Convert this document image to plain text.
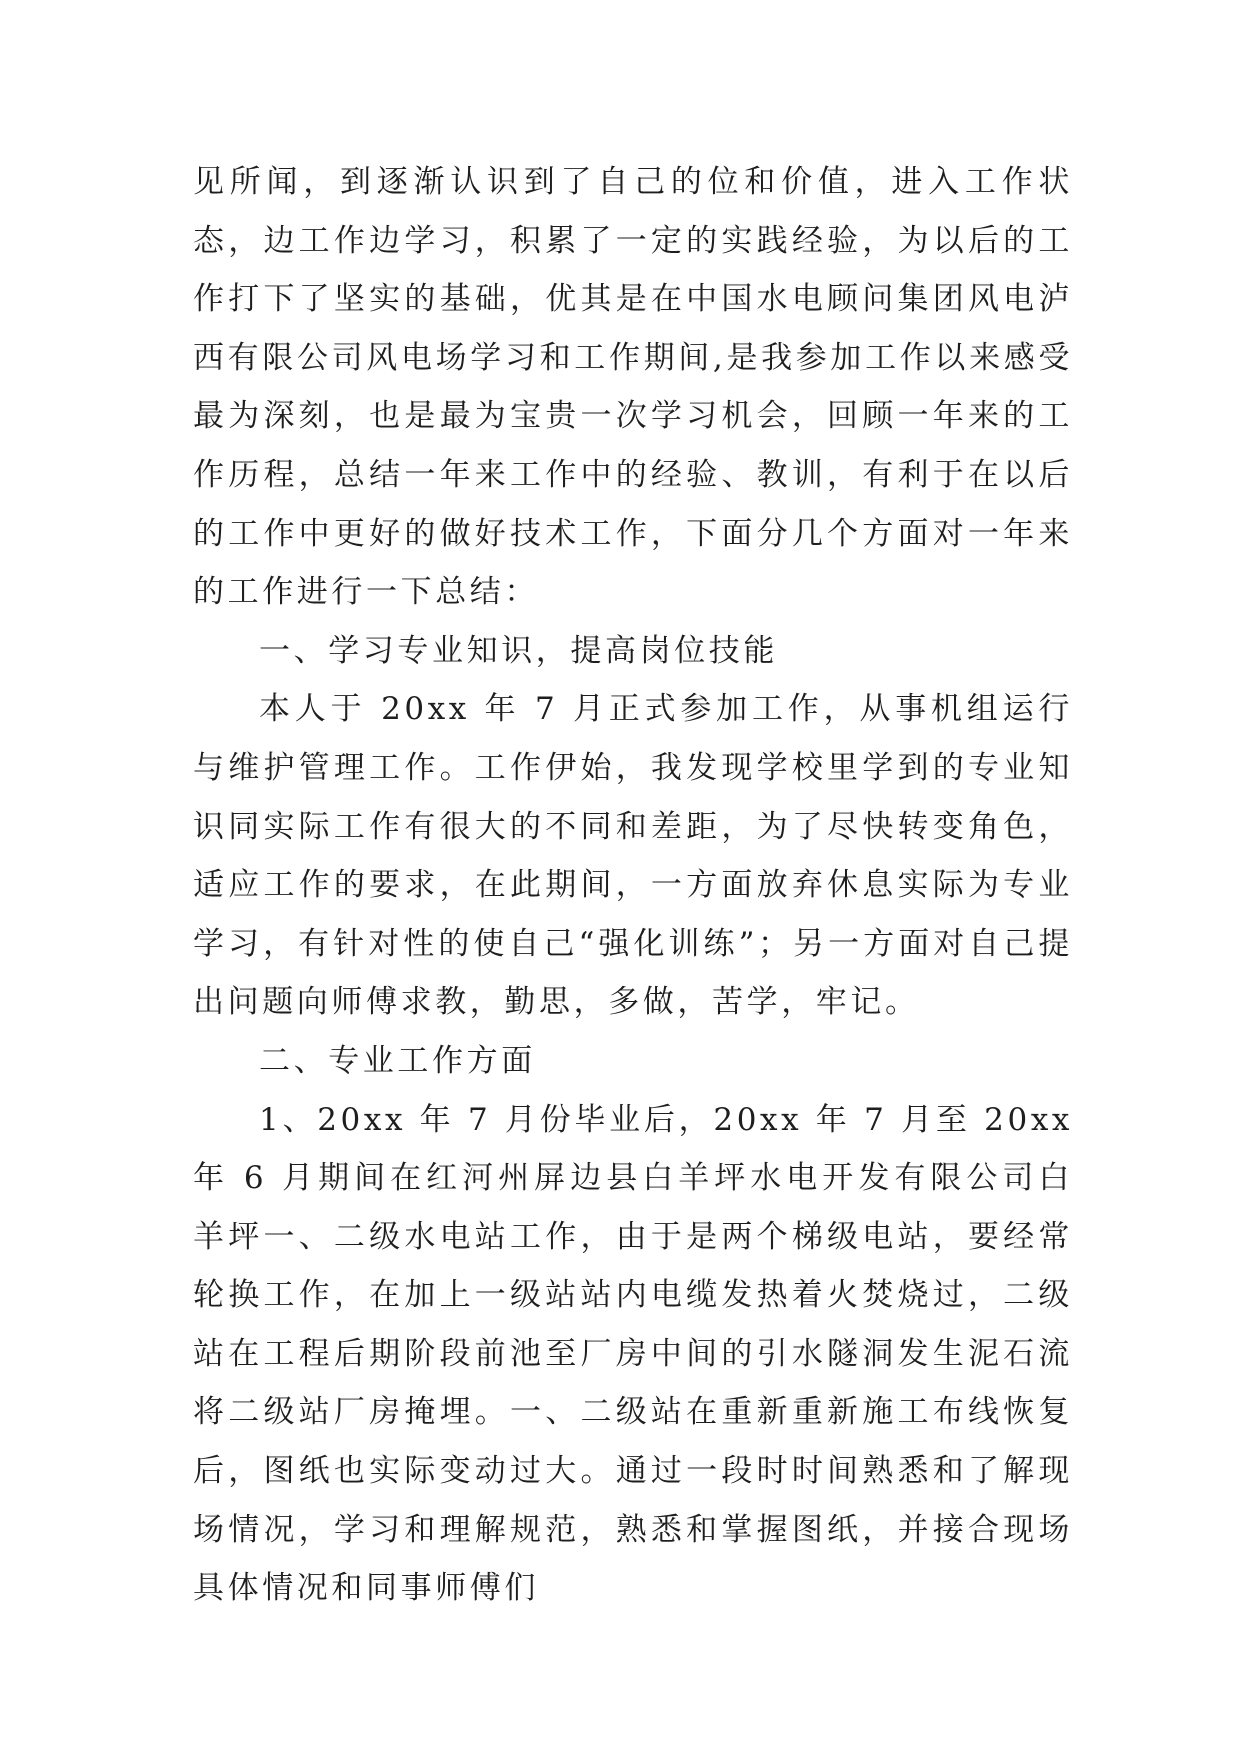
见所闻，到逐渐认识到了自己的位和价值，进入工作状态，边工作边学习，积累了一定的实践经验，为以后的工作打下了坚实的基础，优其是在中国水电顾问集团风电泸西有限公司风电场学习和工作期间,是我参加工作以来感受最为深刻，也是最为宝贵一次学习机会，回顾一年来的工作历程，总结一年来工作中的经验、教训，有利于在以后的工作中更好的做好技术工作，下面分几个方面对一年来的工作进行一下总结：

一、学习专业知识，提高岗位技能

本人于 20xx 年 7 月正式参加工作，从事机组运行与维护管理工作。工作伊始，我发现学校里学到的专业知识同实际工作有很大的不同和差距，为了尽快转变角色，适应工作的要求，在此期间，一方面放弃休息实际为专业学习，有针对性的使自己“强化训练”；另一方面对自己提出问题向师傅求教，勤思，多做，苦学，牢记。

二、专业工作方面

1、20xx 年 7 月份毕业后，20xx 年 7 月至 20xx 年 6 月期间在红河州屏边县白羊坪水电开发有限公司白羊坪一、二级水电站工作，由于是两个梯级电站，要经常轮换工作，在加上一级站站内电缆发热着火焚烧过，二级站在工程后期阶段前池至厂房中间的引水隧洞发生泥石流将二级站厂房掩埋。一、二级站在重新重新施工布线恢复后，图纸也实际变动过大。通过一段时时间熟悉和了解现场情况，学习和理解规范，熟悉和掌握图纸，并接合现场具体情况和同事师傅们
